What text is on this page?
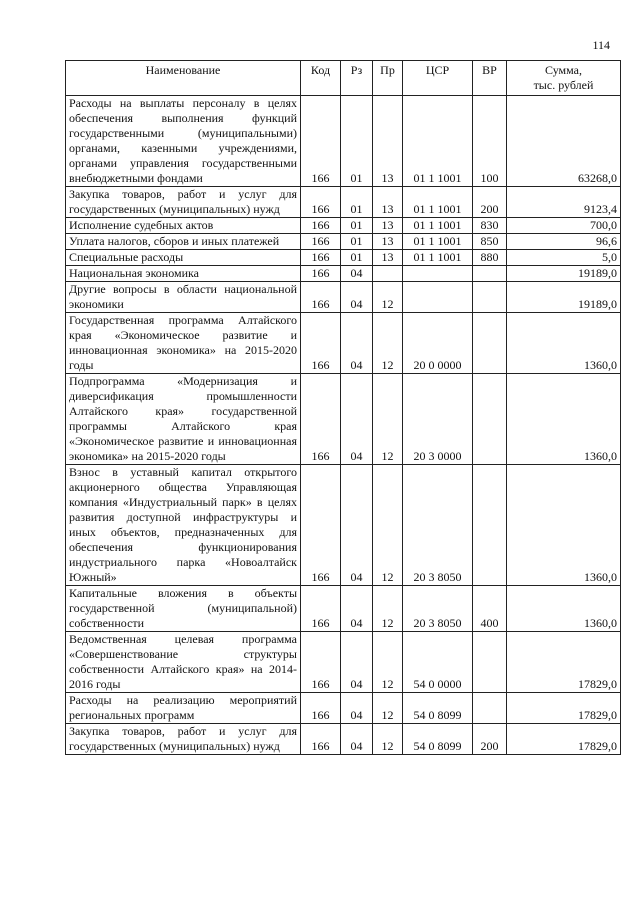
114
Наименование	Код	Рз	Пр	ЦСР	ВР	Сумма,
тыс. рублей

Расходы на выплаты персоналу в целях обеспечения выполнения функций государственными (муниципальными) органами, казенными учреждениями, органами управления государственными внебюджетными фондами	166	01	13	01 1 1001	100	63268,0
Закупка товаров, работ и услуг для государственных (муниципальных) нужд	166	01	13	01 1 1001	200	9123,4
Исполнение судебных актов	166	01	13	01 1 1001	830	700,0
Уплата налогов, сборов и иных платежей	166	01	13	01 1 1001	850	96,6
Специальные расходы	166	01	13	01 1 1001	880	5,0
Национальная экономика	166	04				19189,0
Другие вопросы в области национальной экономики	166	04	12			19189,0
Государственная программа Алтайского края «Экономическое развитие и инновационная экономика» на 2015-2020 годы	166	04	12	20 0 0000		1360,0
Подпрограмма «Модернизация и диверсификация промышленности Алтайского края» государственной программы Алтайского края «Экономическое развитие и инновационная экономика» на 2015-2020 годы	166	04	12	20 3 0000		1360,0
Взнос в уставный капитал открытого акционерного общества Управляющая компания «Индустриальный парк» в целях развития доступной инфраструктуры и иных объектов, предназначенных для обеспечения функционирования индустриального парка «Новоалтайск Южный»	166	04	12	20 3 8050		1360,0
Капитальные вложения в объекты государственной (муниципальной) собственности	166	04	12	20 3 8050	400	1360,0
Ведомственная целевая программа «Совершенствование структуры собственности Алтайского края» на 2014-2016 годы	166	04	12	54 0 0000		17829,0
Расходы на реализацию мероприятий региональных программ	166	04	12	54 0 8099		17829,0
Закупка товаров, работ и услуг для государственных (муниципальных) нужд	166	04	12	54 0 8099	200	17829,0
